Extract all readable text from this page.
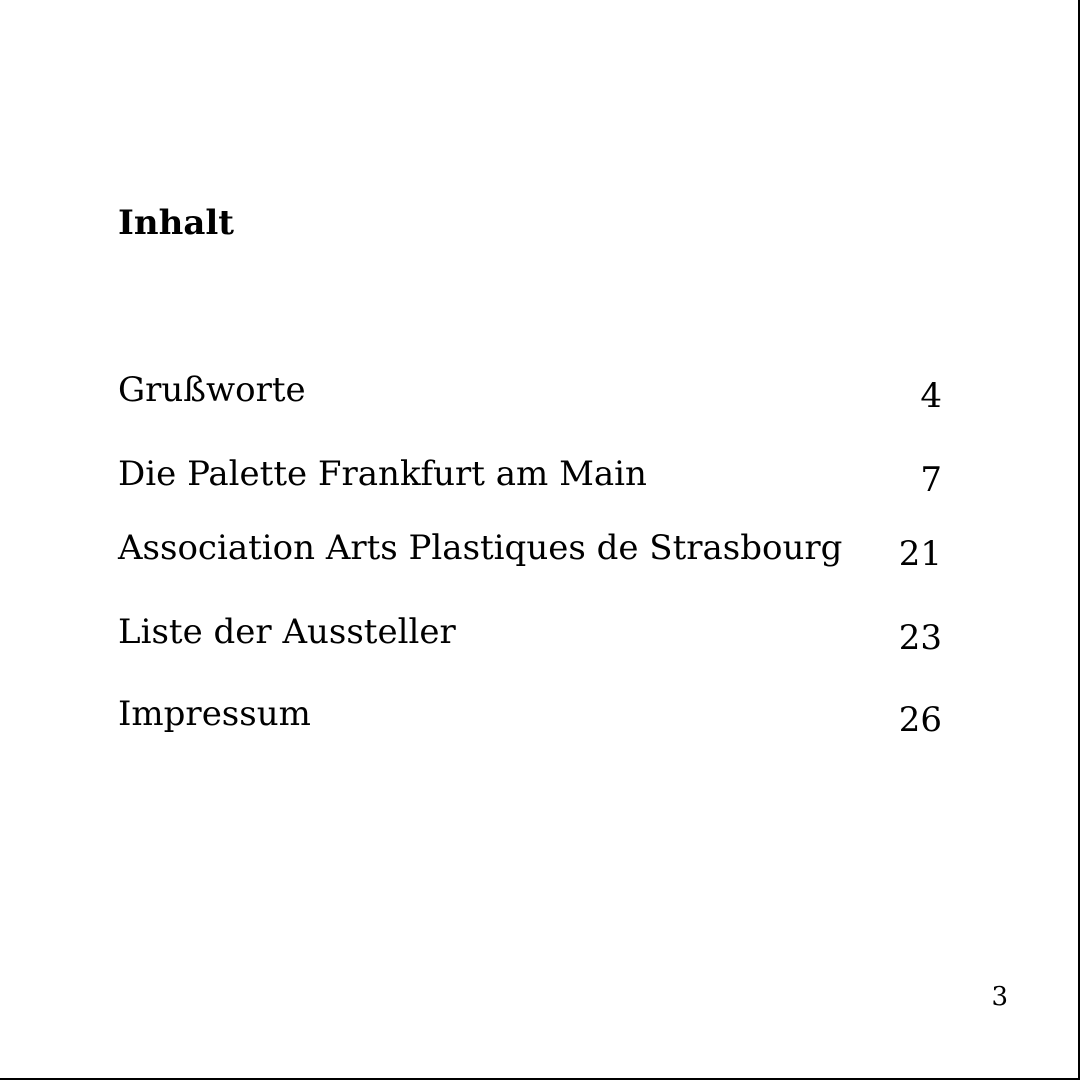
Inhalt
Grußworte	4
Die Palette Frankfurt am Main	7
Association Arts Plastiques de Strasbourg 21
Liste der Aussteller	23
Impressum	26
3
